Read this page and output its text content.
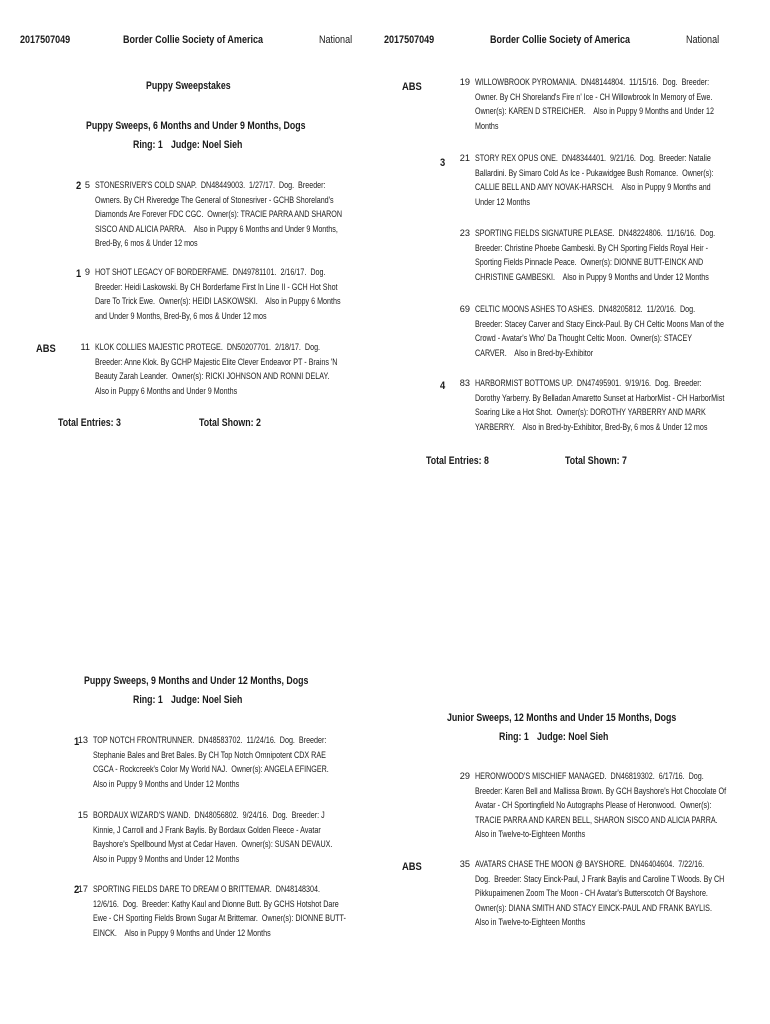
2017507049	Border Collie Society of America	National	2017507049	Border Collie Society of America	National
Puppy Sweepstakes
Puppy Sweeps, 6 Months and Under 9 Months, Dogs
Ring: 1 Judge: Noel Sieh
2 5 STONESRIVER'S COLD SNAP.  DN48449003.  1/27/17.  Dog.  Breeder:
Owners. By CH Riveredge The General of Stonesriver - GCHB Shoreland's
Diamonds Are Forever FDC CGC.  Owner(s): TRACIE PARRA AND SHARON
SISCO AND ALICIA PARRA.    Also in Puppy 6 Months and Under 9 Months,
Bred-By, 6 mos & Under 12 mos
1 9 HOT SHOT LEGACY OF BORDERFAME.  DN49781101.  2/16/17.  Dog.
Breeder: Heidi Laskowski. By CH Borderfame First In Line II - GCH Hot Shot
Dare To Trick Ewe.  Owner(s): HEIDI LASKOWSKI.    Also in Puppy 6 Months
and Under 9 Months, Bred-By, 6 mos & Under 12 mos
ABS	11 KLOK COLLIES MAJESTIC PROTEGE.  DN50207701.  2/18/17.  Dog.
Breeder: Anne Klok. By GCHP Majestic Elite Clever Endeavor PT - Brains 'N
Beauty Zarah Leander.  Owner(s): RICKI JOHNSON AND RONNI DELAY.
Also in Puppy 6 Months and Under 9 Months
Total Entries: 3	Total Shown: 2
Puppy Sweeps, 9 Months and Under 12 Months, Dogs
Ring: 1 Judge: Noel Sieh
1
13 TOP NOTCH FRONTRUNNER.  DN48583702.  11/24/16.  Dog.  Breeder:
Stephanie Bales and Bret Bales. By CH Top Notch Omnipotent CDX RAE
CGCA - Rockcreek's Color My World NAJ.  Owner(s): ANGELA EFINGER.
Also in Puppy 9 Months and Under 12 Months
15 BORDAUX WIZARD'S WAND.  DN48056802.  9/24/16.  Dog.  Breeder: J
Kinnie, J Carroll and J Frank Baylis. By Bordaux Golden Fleece - Avatar
Bayshore's Spellbound Myst at Cedar Haven.  Owner(s): SUSAN DEVAUX.
Also in Puppy 9 Months and Under 12 Months
2
17 SPORTING FIELDS DARE TO DREAM O BRITTEMAR.  DN48148304.
12/6/16.  Dog.  Breeder: Kathy Kaul and Dionne Butt. By GCHS Hotshot Dare
Ewe - CH Sporting Fields Brown Sugar At Brittemar.  Owner(s): DIONNE BUTT-
EINCK.    Also in Puppy 9 Months and Under 12 Months
ABS	19 WILLOWBROOK PYROMANIA.  DN48144804.  11/15/16.  Dog.  Breeder:
Owner. By CH Shoreland's Fire n' Ice - CH Willowbrook In Memory of Ewe.
Owner(s): KAREN D STREICHER.    Also in Puppy 9 Months and Under 12
Months
3	21 STORY REX OPUS ONE.  DN48344401.  9/21/16.  Dog.  Breeder: Natalie
Ballardini. By Simaro Cold As Ice - Pukawidgee Bush Romance.  Owner(s):
CALLIE BELL AND AMY NOVAK-HARSCH.    Also in Puppy 9 Months and
Under 12 Months
23 SPORTING FIELDS SIGNATURE PLEASE.  DN48224806.  11/16/16.  Dog.
Breeder: Christine Phoebe Gambeski. By CH Sporting Fields Royal Heir -
Sporting Fields Pinnacle Peace.  Owner(s): DIONNE BUTT-EINCK AND
CHRISTINE GAMBESKI.    Also in Puppy 9 Months and Under 12 Months
69 CELTIC MOONS ASHES TO ASHES.  DN48205812.  11/20/16.  Dog.
Breeder: Stacey Carver and Stacy Einck-Paul. By CH Celtic Moons Man of the
Crowd - Avatar's Who' Da Thought Celtic Moon.  Owner(s): STACEY
CARVER.    Also in Bred-by-Exhibitor
4	83 HARBORMIST BOTTOMS UP.  DN47495901.  9/19/16.  Dog.  Breeder:
Dorothy Yarberry. By Belladan Amaretto Sunset at HarborMist - CH HarborMist
Soaring Like a Hot Shot.  Owner(s): DOROTHY YARBERRY AND MARK
YARBERRY.    Also in Bred-by-Exhibitor, Bred-By, 6 mos & Under 12 mos
Total Entries: 8	Total Shown: 7
Junior Sweeps, 12 Months and Under 15 Months, Dogs
Ring: 1 Judge: Noel Sieh
29 HERONWOOD'S MISCHIEF MANAGED.  DN46819302.  6/17/16.  Dog.
Breeder: Karen Bell and Mallissa Brown. By GCH Bayshore's Hot Chocolate Of
Avatar - CH Sportingfield No Autographs Please of Heronwood.  Owner(s):
TRACIE PARRA AND KAREN BELL, SHARON SISCO AND ALICIA PARRA.
Also in Twelve-to-Eighteen Months
ABS	35 AVATARS CHASE THE MOON @ BAYSHORE.  DN46404604.  7/22/16.
Dog.  Breeder: Stacy Einck-Paul, J Frank Baylis and Caroline T Woods. By CH
Pikkupaimenen Zoom The Moon - CH Avatar's Butterscotch Of Bayshore.
Owner(s): DIANA SMITH AND STACY EINCK-PAUL AND FRANK BAYLIS.
Also in Twelve-to-Eighteen Months
